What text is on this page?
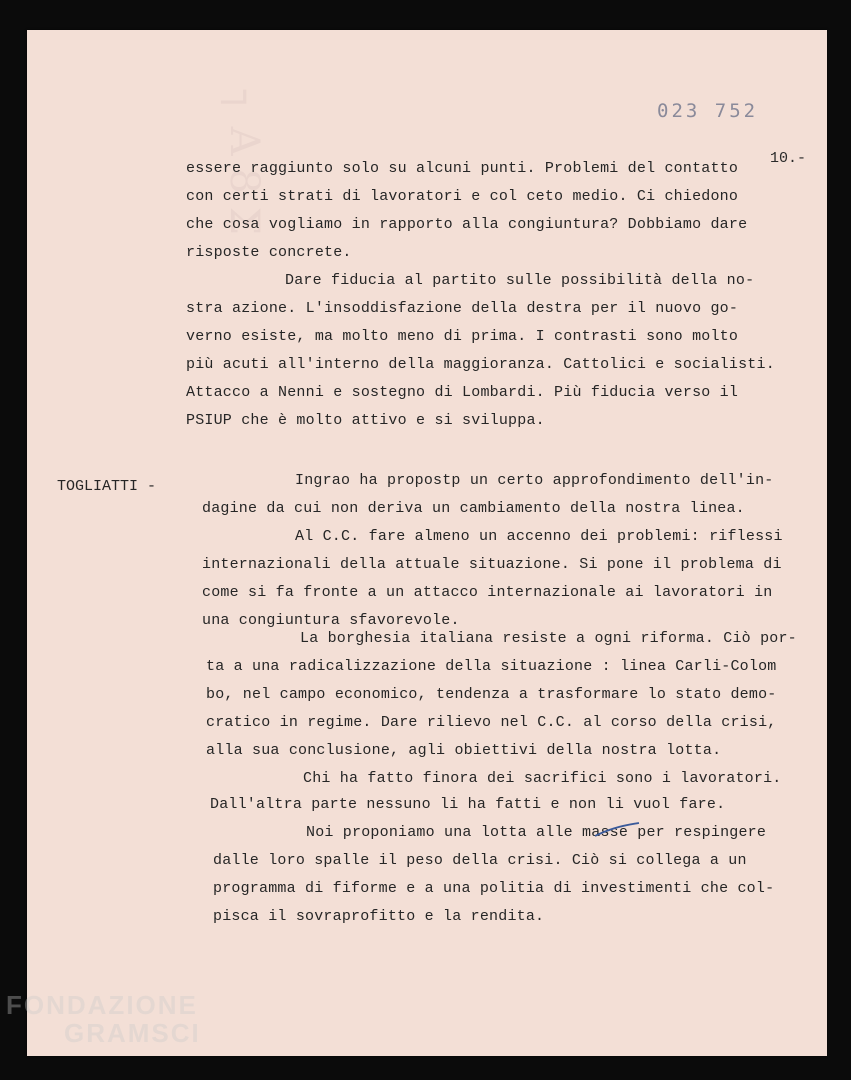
┐ A 8 Ʃ	023 752
10.-
essere raggiunto solo su alcuni punti. Problemi del contatto
con certi strati di lavoratori e col ceto medio. Ci chiedono
che cosa vogliamo in rapporto alla congiuntura? Dobbiamo dare
risposte concrete.
Dare fiducia al partito sulle possibilità della no-
stra azione. L'insoddisfazione della destra per il nuovo go-
verno esiste, ma molto meno di prima. I contrasti sono molto
più acuti all'interno della maggioranza. Cattolici e socialisti.
Attacco a Nenni e sostegno di Lombardi. Più fiducia verso il
PSIUP che è molto attivo e si sviluppa.
Ingrao ha propostp un certo approfondimento dell'in-
dagine da cui non deriva un cambiamento della nostra linea.
Al C.C. fare almeno un accenno dei problemi: riflessi
internazionali della attuale situazione. Si pone il problema di
come si fa fronte a un attacco internazionale ai lavoratori in
una congiuntura sfavorevole.
La borghesia italiana resiste a ogni riforma. Ciò por-
ta a una radicalizzazione della situazione : linea Carli-Colom
bo, nel campo economico, tendenza a trasformare lo stato demo-
cratico in regime. Dare rilievo nel C.C. al corso della crisi,
alla sua conclusione, agli obiettivi della nostra lotta.
Chi ha fatto finora dei sacrifici sono i lavoratori.
Dall'altra parte nessuno li ha fatti e non li vuol fare.
Noi proponiamo una lotta alle masse per respingere
dalle loro spalle il peso della crisi. Ciò si collega a un
programma di fiforme e a una politia di investimenti che col-
pisca il sovraprofitto e la rendita.
TOGLIATTI -
FONDAZIONE
GRAMSCI
